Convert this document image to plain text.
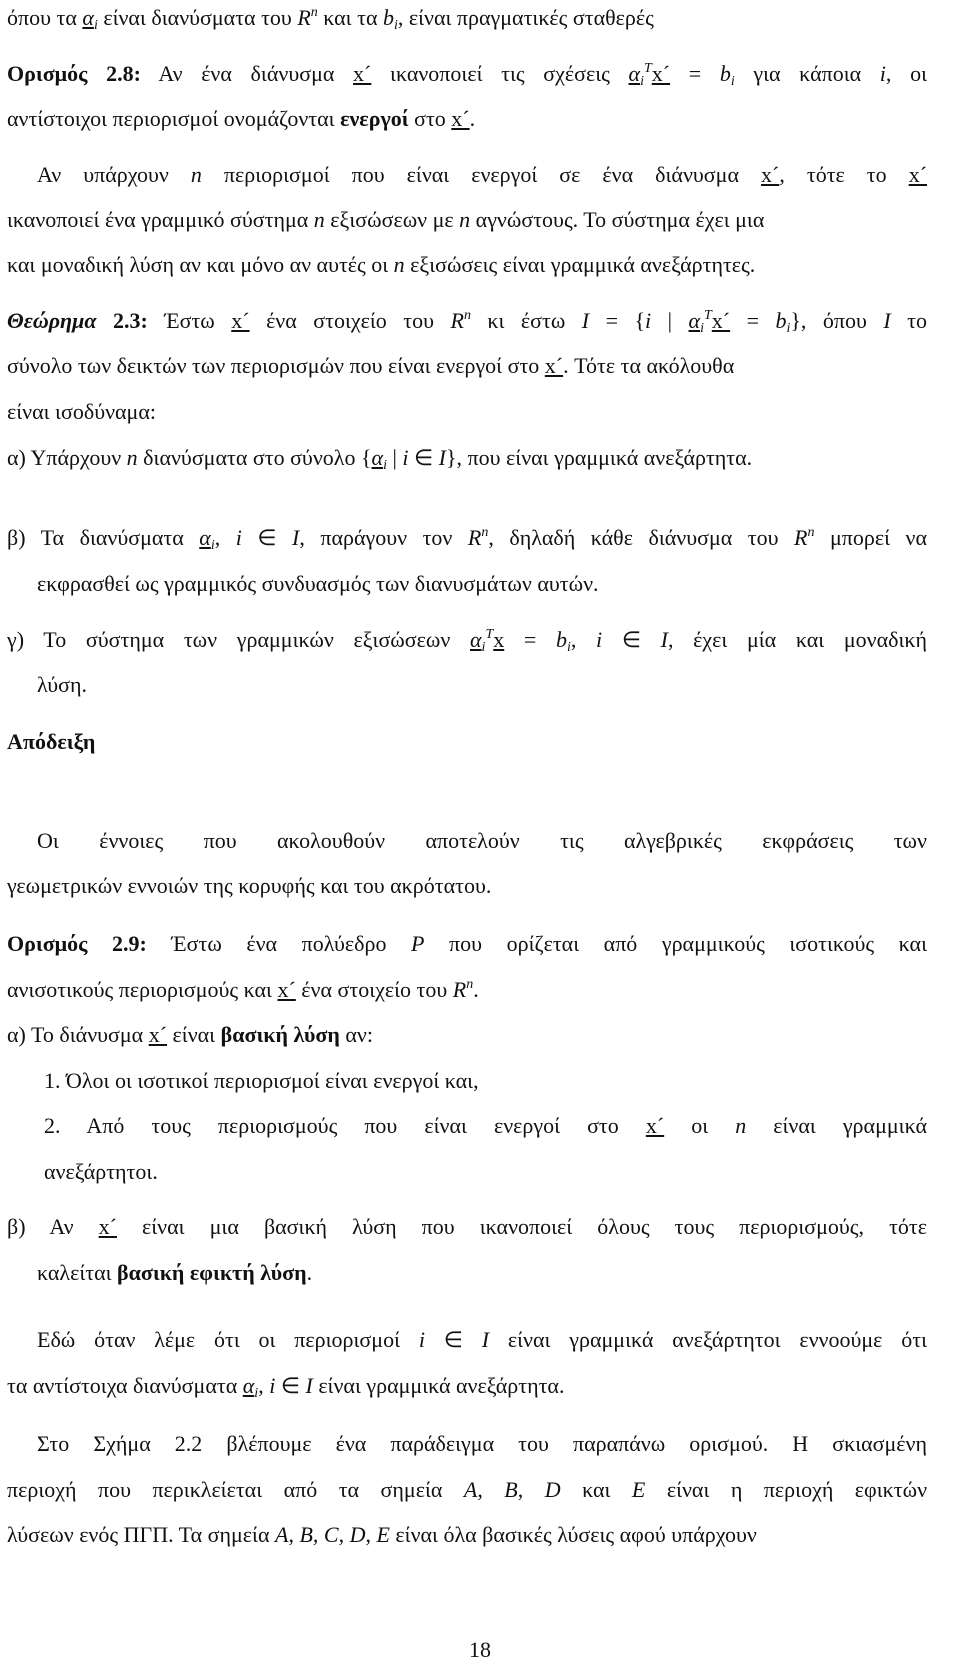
όπου τα $\alpha_i$ είναι διανύσματα του $R^n$ και τα $b_i$, είναι πραγματικές σταθερές
Ορισμός 2.8: Αν ένα διάνυσμα x´ ικανοποιεί τις σχέσεις $\alpha_i^Tx´ = b_i$ για κάποια i, οι
αντίστοιχοι περιορισμοί ονομάζονται ενεργοί στο x´.
Αν υπάρχουν n περιορισμοί που είναι ενεργοί σε ένα διάνυσμα x´, τότε το x´
ικανοποιεί ένα γραμμικό σύστημα n εξισώσεων με n αγνώστους. Το σύστημα έχει μια
και μοναδική λύση αν και μόνο αν αυτές οι n εξισώσεις είναι γραμμικά ανεξάρτητες.
Θεώρημα 2.3: Έστω x´ ένα στοιχείο του $R^n$ κι έστω I = {i | $\alpha_i^Tx´ = b_i$}, όπου I το
σύνολο των δεικτών των περιορισμών που είναι ενεργοί στο x´. Τότε τα ακόλουθα
είναι ισοδύναμα:
α) Υπάρχουν n διανύσματα στο σύνολο {$\alpha_i$ | i ∈ I}, που είναι γραμμικά ανεξάρτητα.
β) Τα διανύσματα $\alpha_i$, i ∈ I, παράγουν τον $R^n$, δηλαδή κάθε διάνυσμα του $R^n$ μπορεί να
εκφρασθεί ως γραμμικός συνδυασμός των διανυσμάτων αυτών.
γ) Το σύστημα των γραμμικών εξισώσεων $\alpha_i^Tx = b_i$, i ∈ I, έχει μία και μοναδική
λύση.
Απόδειξη
Οι έννοιες που ακολουθούν αποτελούν τις αλγεβρικές εκφράσεις των
γεωμετρικών εννοιών της κορυφής και του ακρότατου.
Ορισμός 2.9: Έστω ένα πολύεδρο P που ορίζεται από γραμμικούς ισοτικούς και
ανισοτικούς περιορισμούς και x´ ένα στοιχείο του $R^n$.
α) Το διάνυσμα x´ είναι βασική λύση αν:
1. Όλοι οι ισοτικοί περιορισμοί είναι ενεργοί και,
2. Από τους περιορισμούς που είναι ενεργοί στο x´ οι n είναι γραμμικά
ανεξάρτητοι.
β) Αν x´ είναι μια βασική λύση που ικανοποιεί όλους τους περιορισμούς, τότε
καλείται βασική εφικτή λύση.
Εδώ όταν λέμε ότι οι περιορισμοί i ∈ I είναι γραμμικά ανεξάρτητοι εννοούμε ότι
τα αντίστοιχα διανύσματα $\alpha_i$, i ∈ I είναι γραμμικά ανεξάρτητα.
Στο Σχήμα 2.2 βλέπουμε ένα παράδειγμα του παραπάνω ορισμού. Η σκιασμένη
περιοχή που περικλείεται από τα σημεία A, B, D και E είναι η περιοχή εφικτών
λύσεων ενός ΠΓΠ. Τα σημεία A, B, C, D, E είναι όλα βασικές λύσεις αφού υπάρχουν
18
